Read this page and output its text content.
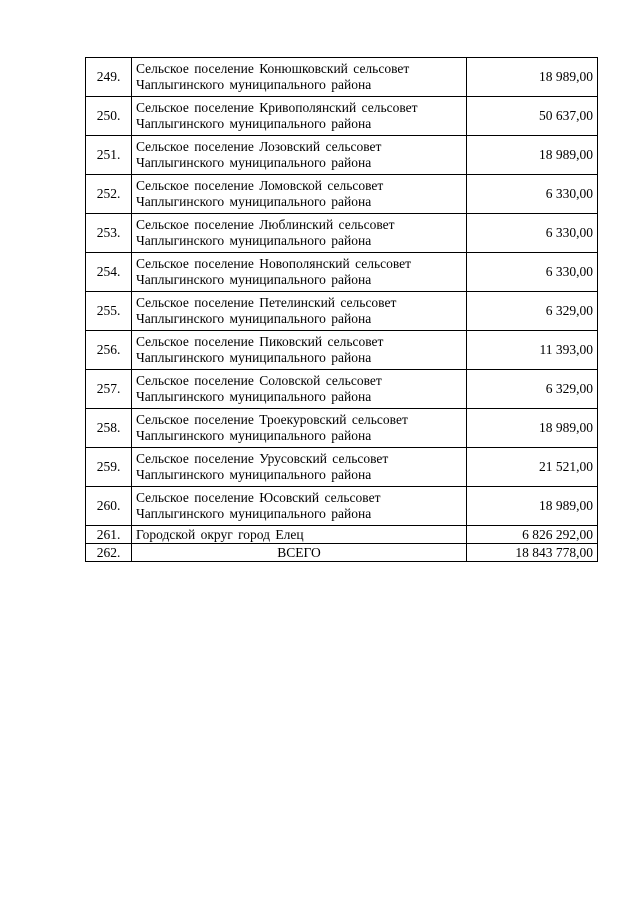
249.	Сельское поселение Конюшковский сельсовет
Чаплыгинского муниципального района	18 989,00
250.	Сельское поселение Кривополянский сельсовет
Чаплыгинского муниципального района	50 637,00
251.	Сельское поселение Лозовский сельсовет
Чаплыгинского муниципального района	18 989,00
252.	Сельское поселение Ломовской сельсовет
Чаплыгинского муниципального района	6 330,00
253.	Сельское поселение Люблинский сельсовет
Чаплыгинского муниципального района	6 330,00
254.	Сельское поселение Новополянский сельсовет
Чаплыгинского муниципального района	6 330,00
255.	Сельское поселение Петелинский сельсовет
Чаплыгинского муниципального района	6 329,00
256.	Сельское поселение Пиковский сельсовет
Чаплыгинского муниципального района	11 393,00
257.	Сельское поселение Соловской сельсовет
Чаплыгинского муниципального района	6 329,00
258.	Сельское поселение Троекуровский сельсовет
Чаплыгинского муниципального района	18 989,00
259.	Сельское поселение Урусовский сельсовет
Чаплыгинского муниципального района	21 521,00
260.	Сельское поселение Юсовский сельсовет
Чаплыгинского муниципального района	18 989,00
261.	Городской округ город Елец	6 826 292,00
262.	ВСЕГО	18 843 778,00
